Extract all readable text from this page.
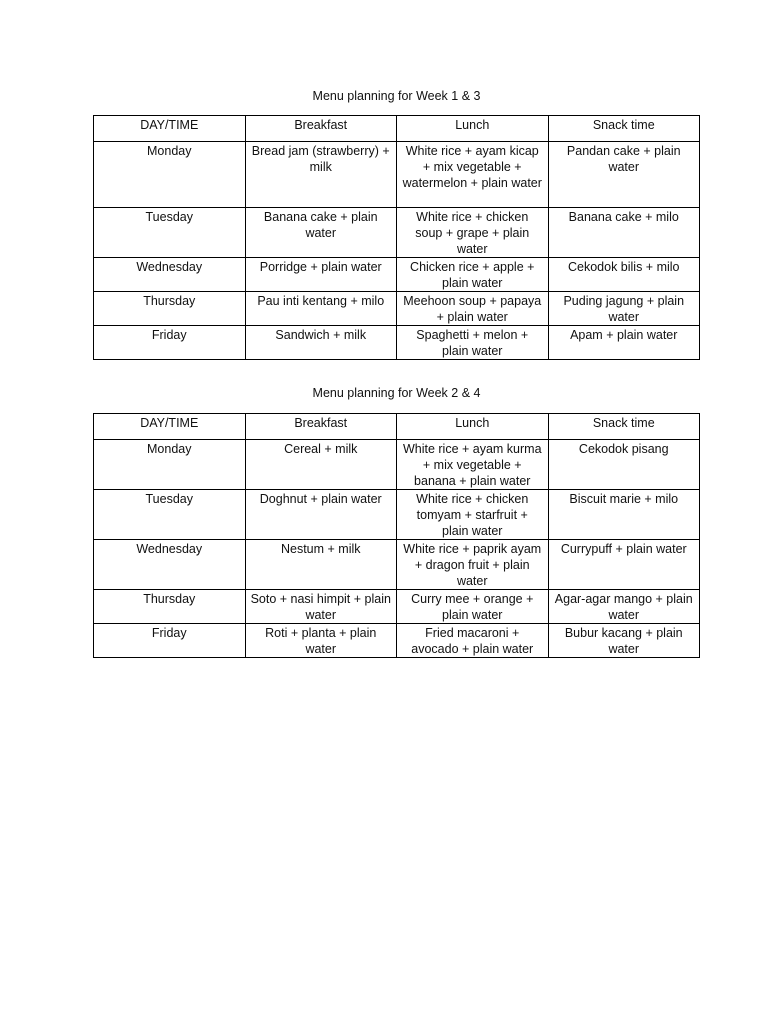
Menu planning for Week 1 & 3
DAY/TIME	Breakfast	Lunch	Snack time
Monday	Bread jam (strawberry) + milk	White rice + ayam kicap + mix vegetable + watermelon + plain water	Pandan cake + plain water
Tuesday	Banana cake + plain water	White rice + chicken soup + grape + plain water	Banana cake + milo
Wednesday	Porridge + plain water	Chicken rice + apple + plain water	Cekodok bilis + milo
Thursday	Pau inti kentang + milo	Meehoon soup + papaya + plain water	Puding jagung + plain water
Friday	Sandwich + milk	Spaghetti + melon + plain water	Apam + plain water
Menu planning for Week 2 & 4
DAY/TIME	Breakfast	Lunch	Snack time
Monday	Cereal + milk	White rice + ayam kurma + mix vegetable + banana + plain water	Cekodok pisang
Tuesday	Doghnut + plain water	White rice + chicken tomyam + starfruit + plain water	Biscuit marie + milo
Wednesday	Nestum + milk	White rice + paprik ayam + dragon fruit + plain water	Currypuff + plain water
Thursday	Soto + nasi himpit + plain water	Curry mee + orange + plain water	Agar-agar mango + plain water
Friday	Roti + planta + plain water	Fried macaroni + avocado + plain water	Bubur kacang + plain water
